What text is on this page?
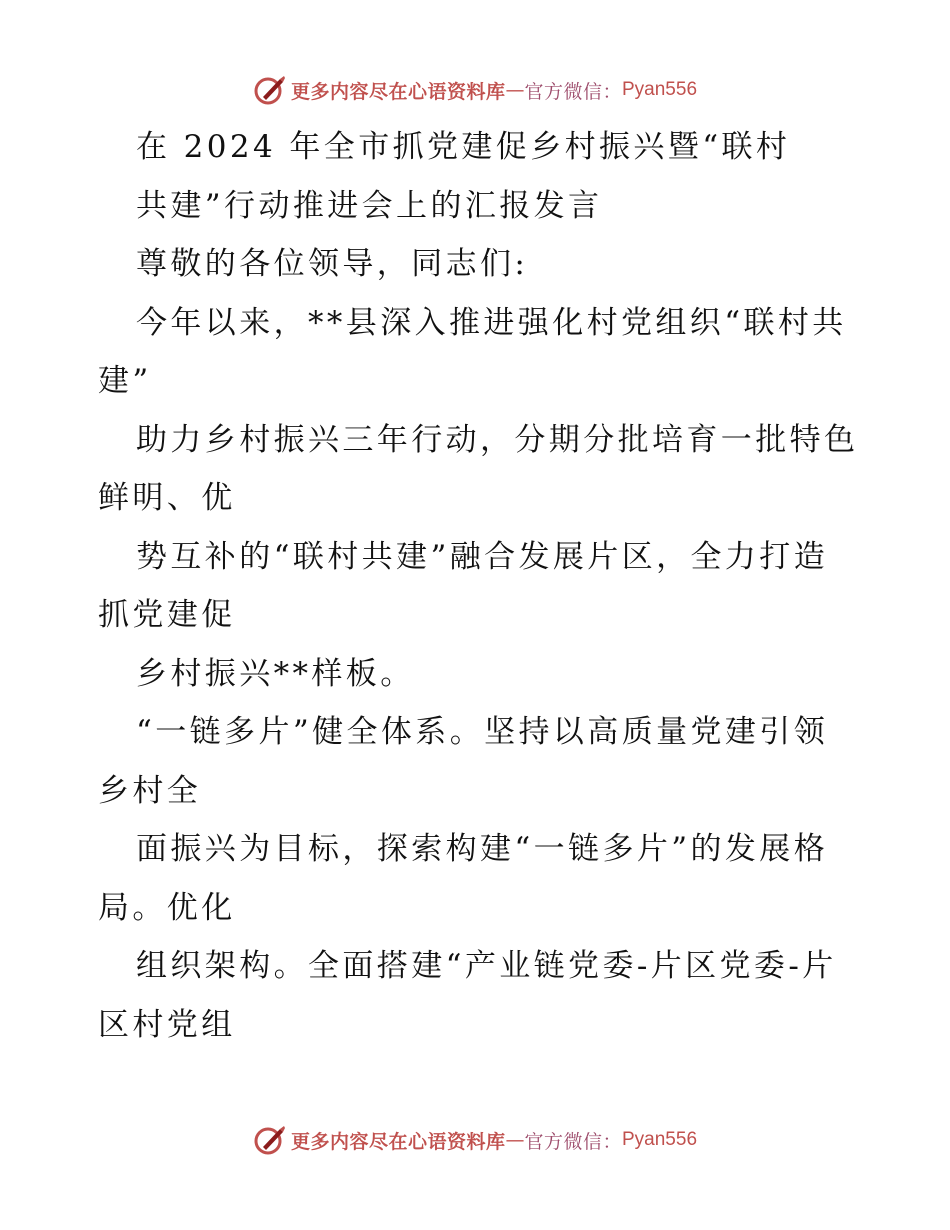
更多内容尽在心语资料库 — 官方微信： Pyan556
在 2024 年全市抓党建促乡村振兴暨“联村
共建”行动推进会上的汇报发言
尊敬的各位领导，同志们:
今年以来，**县深入推进强化村党组织“联村共
建”
助力乡村振兴三年行动，分期分批培育一批特色
鲜明、优
势互补的“联村共建”融合发展片区，全力打造
抓党建促
乡村振兴**样板。
“一链多片”健全体系。坚持以高质量党建引领
乡村全
面振兴为目标，探索构建“一链多片”的发展格
局。优化
组织架构。全面搭建“产业链党委-片区党委-片
区村党组
更多内容尽在心语资料库 — 官方微信： Pyan556
